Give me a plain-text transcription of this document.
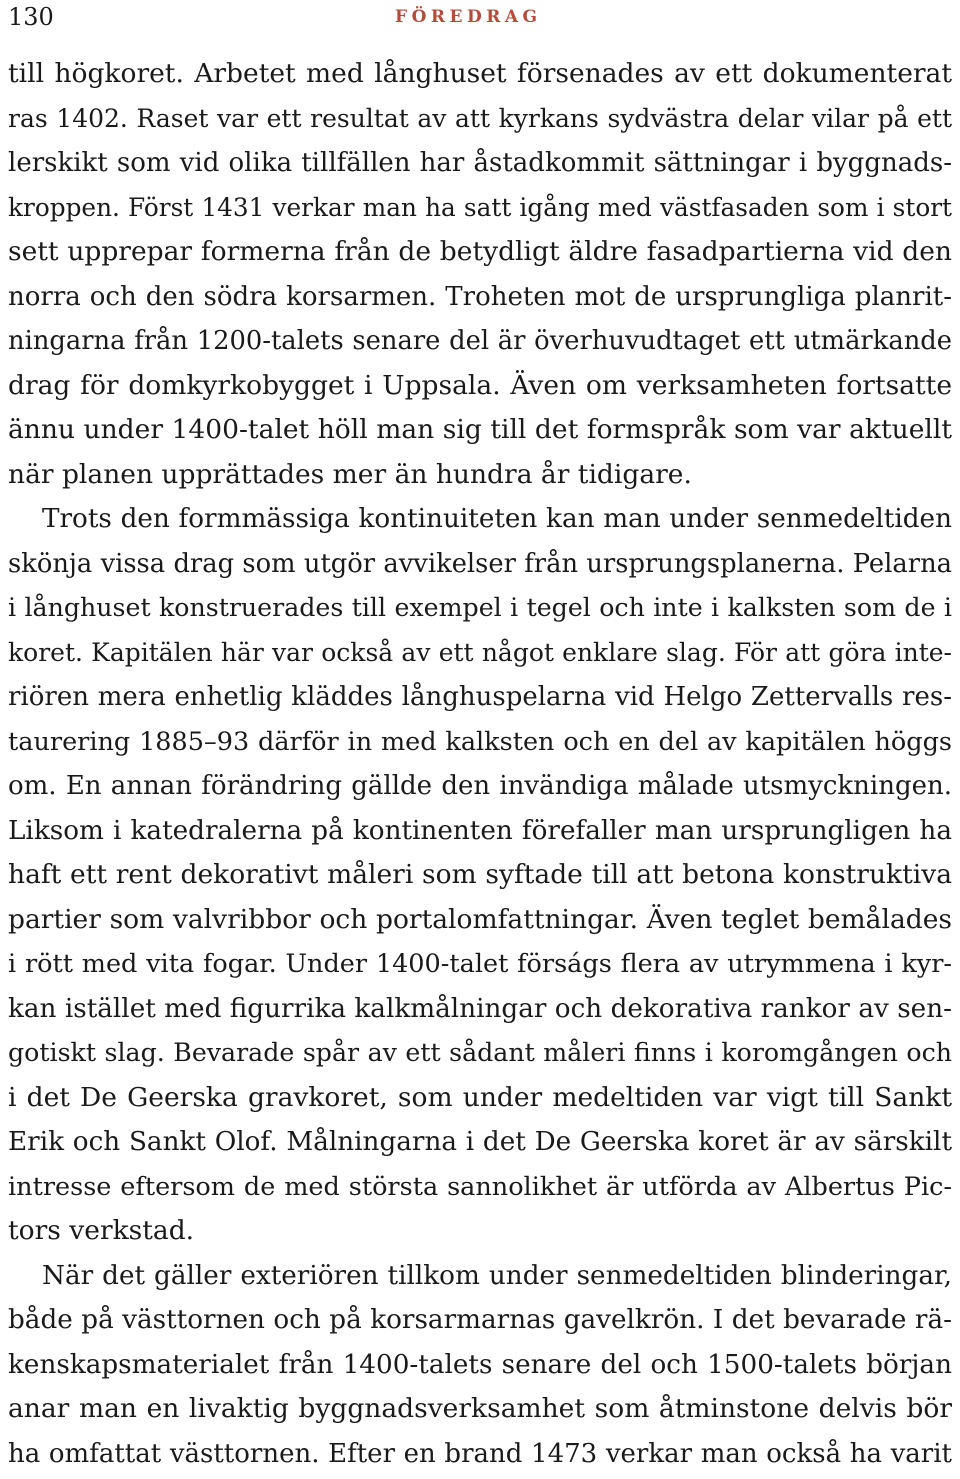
130	FÖREDRAG
till högkoret. Arbetet med långhuset försenades av ett dokumenterat
ras 1402. Raset var ett resultat av att kyrkans sydvästra delar vilar på ett
lerskikt som vid olika tillfällen har åstadkommit sättningar i byggnads-
kroppen. Först 1431 verkar man ha satt igång med västfasaden som i stort
sett upprepar formerna från de betydligt äldre fasadpartierna vid den
norra och den södra korsarmen. Troheten mot de ursprungliga planrit-
ningarna från 1200-talets senare del är överhuvudtaget ett utmärkande
drag för domkyrkobygget i Uppsala. Även om verksamheten fortsatte
ännu under 1400-talet höll man sig till det formspråk som var aktuellt
när planen upprättades mer än hundra år tidigare.
Trots den formmässiga kontinuiteten kan man under senmedeltiden
skönja vissa drag som utgör avvikelser från ursprungsplanerna. Pelarna
i långhuset konstruerades till exempel i tegel och inte i kalksten som de i
koret. Kapitälen här var också av ett något enklare slag. För att göra inte-
riören mera enhetlig kläddes långhuspelarna vid Helgo Zettervalls res-
taurering 1885–93 därför in med kalksten och en del av kapitälen höggs
om. En annan förändring gällde den invändiga målade utsmyckningen.
Liksom i katedralerna på kontinenten förefaller man ursprungligen ha
haft ett rent dekorativt måleri som syftade till att betona konstruktiva
partier som valvribbor och portalomfattningar. Även teglet bemålades
i rött med vita fogar. Under 1400-talet förságs flera av utrymmena i kyr-
kan istället med figurrika kalkmålningar och dekorativa rankor av sen-
gotiskt slag. Bevarade spår av ett sådant måleri finns i koromgången och
i det De Geerska gravkoret, som under medeltiden var vigt till Sankt
Erik och Sankt Olof. Målningarna i det De Geerska koret är av särskilt
intresse eftersom de med största sannolikhet är utförda av Albertus Pic-
tors verkstad.
När det gäller exteriören tillkom under senmedeltiden blinderingar,
både på västtornen och på korsarmarnas gavelkrön. I det bevarade rä-
kenskapsmaterialet från 1400-talets senare del och 1500-talets början
anar man en livaktig byggnadsverksamhet som åtminstone delvis bör
ha omfattat västtornen. Efter en brand 1473 verkar man också ha varit
